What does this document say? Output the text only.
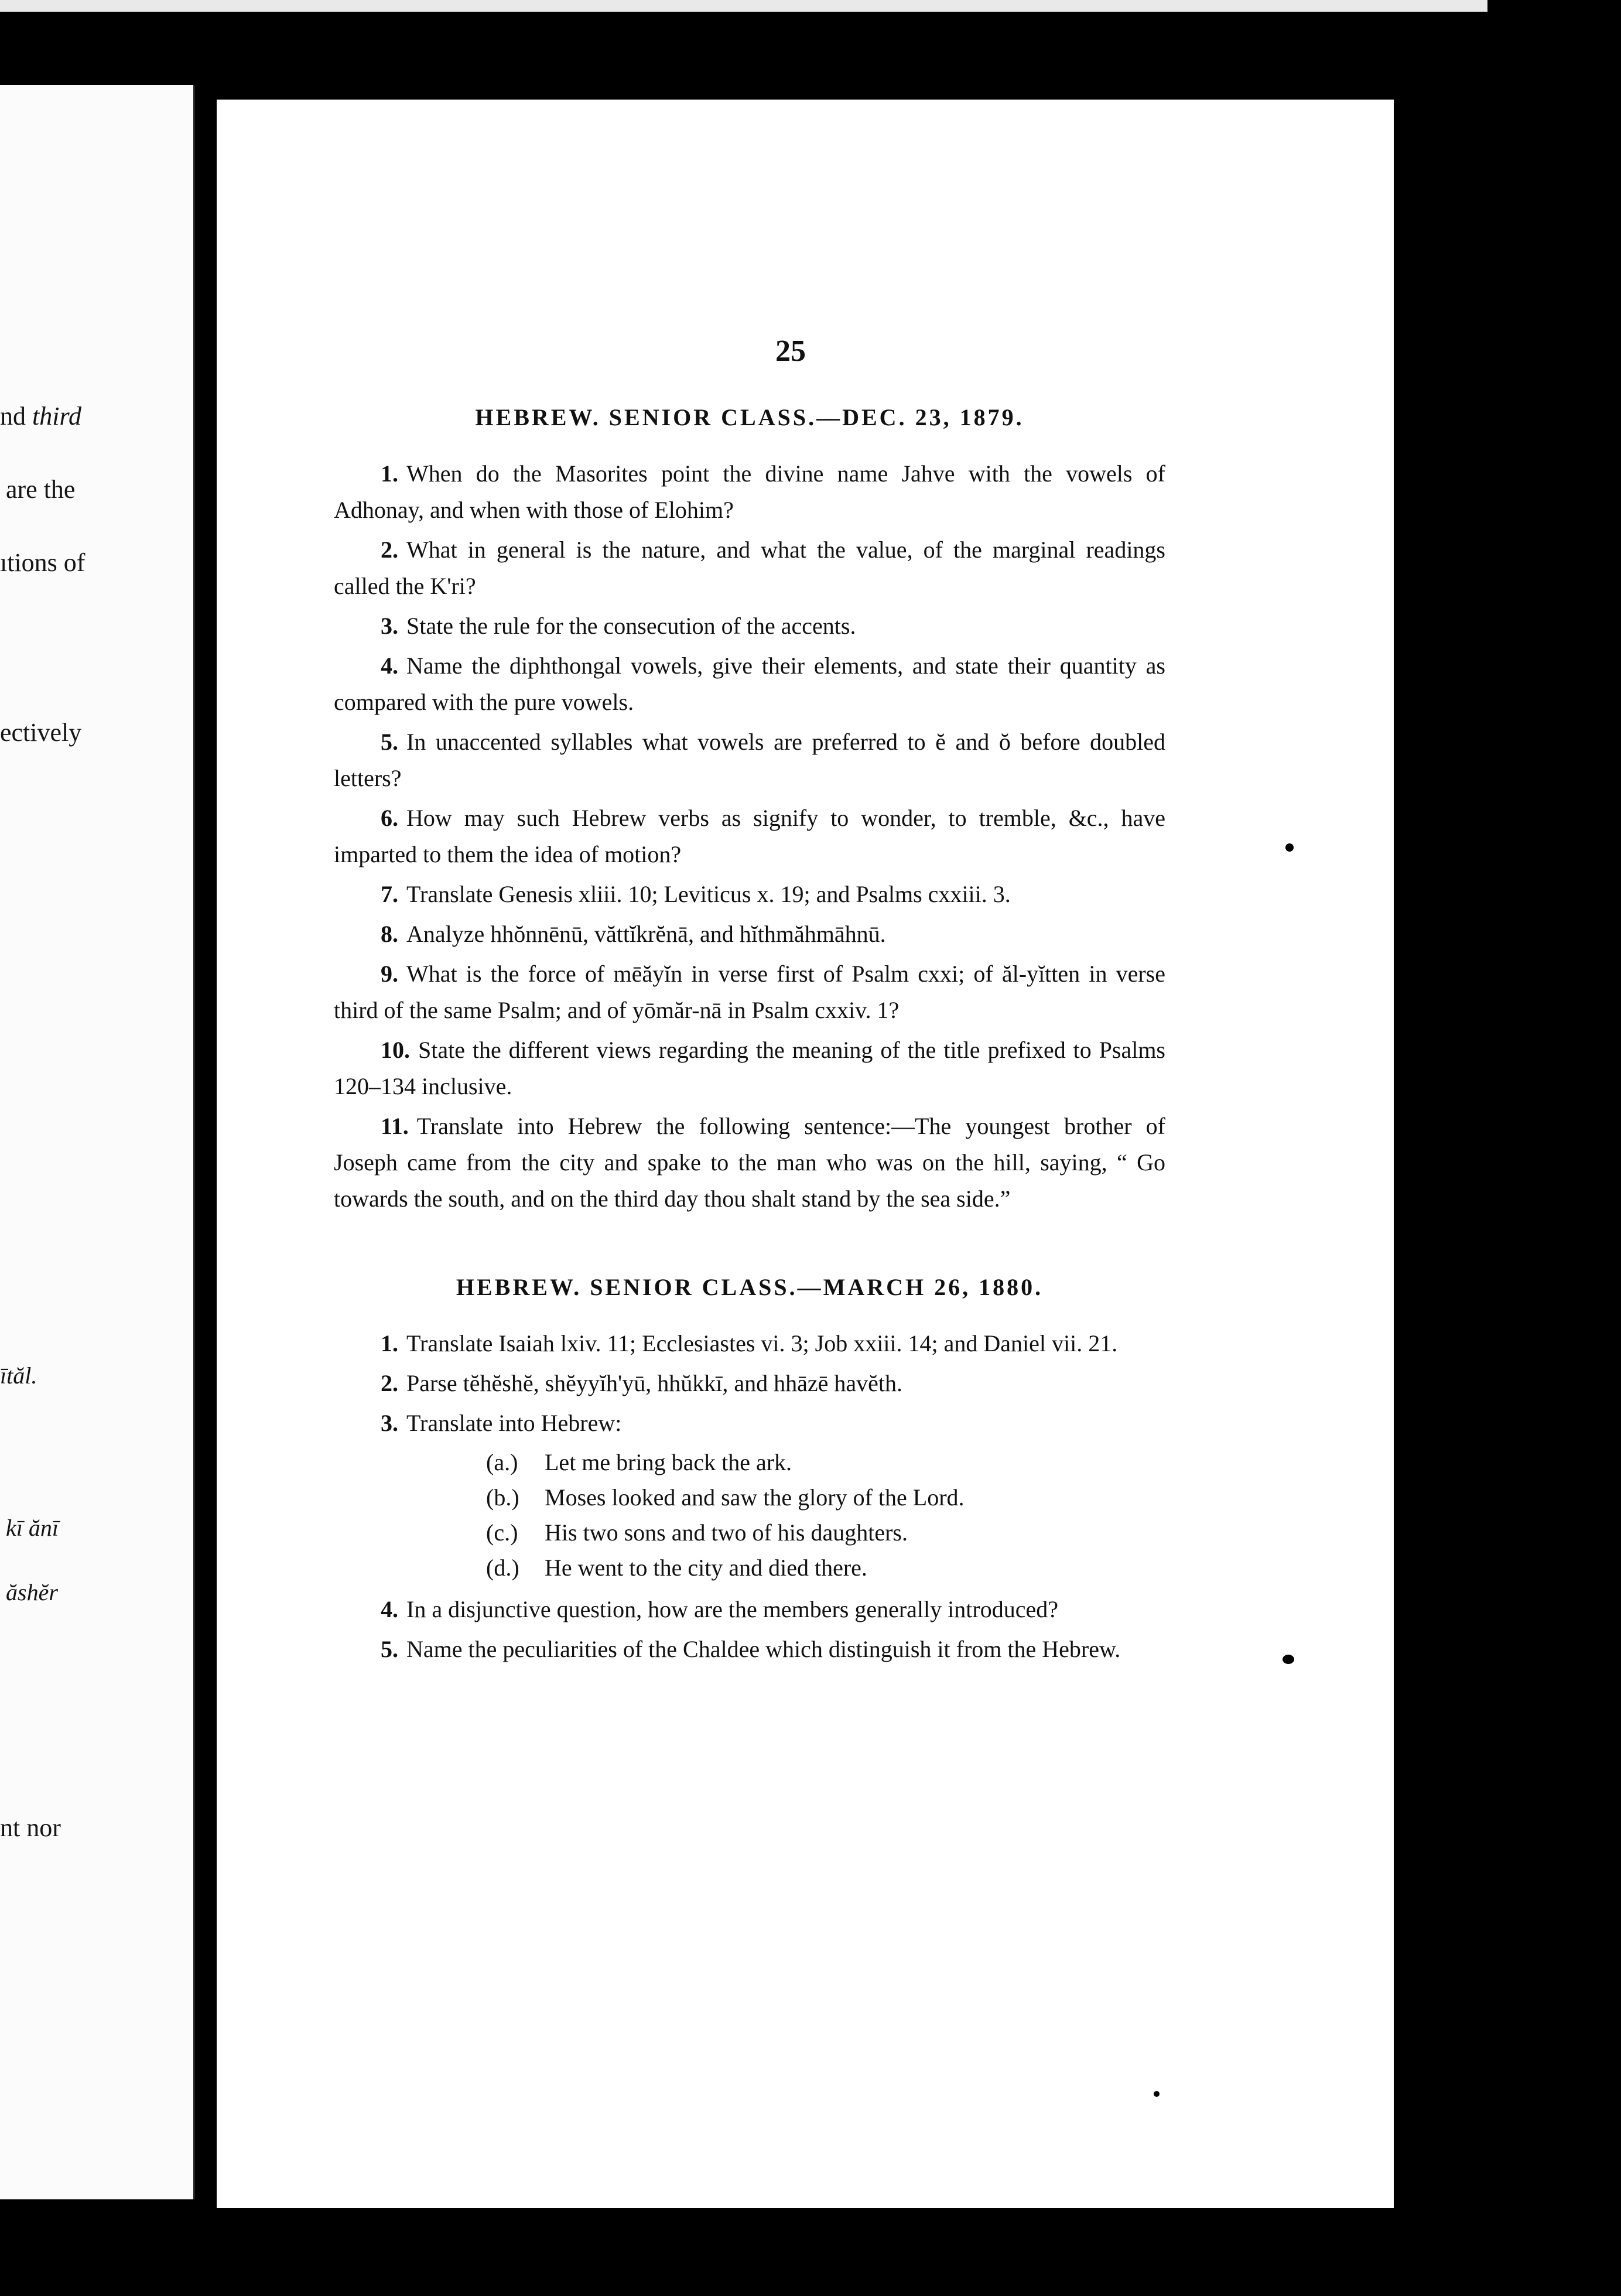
nd third
are the
ıtions of
ectively
ītăl.
kī ănī
ăshĕr
nt nor
25
HEBREW. SENIOR CLASS.—DEC. 23, 1879.

1. When do the Masorites point the divine name Jahve with the vowels of Adhonay, and when with those of Elohim?

2. What in general is the nature, and what the value, of the marginal readings called the K'ri?

3. State the rule for the consecution of the accents.

4. Name the diphthongal vowels, give their elements, and state their quantity as compared with the pure vowels.

5. In unaccented syllables what vowels are preferred to ĕ and ŏ before doubled letters?

6. How may such Hebrew verbs as signify to wonder, to tremble, &c., have imparted to them the idea of motion?

7. Translate Genesis xliii. 10; Leviticus x. 19; and Psalms cxxiii. 3.

8. Analyze hhŏnnēnū, văttĭkrĕnā, and hĭthmăhmāhnū.

9. What is the force of mēăyĭn in verse first of Psalm cxxi; of ăl-yĭtten in verse third of the same Psalm; and of yōmăr-nā in Psalm cxxiv. 1?

10. State the different views regarding the meaning of the title prefixed to Psalms 120–134 inclusive.

11. Translate into Hebrew the following sentence:—The youngest brother of Joseph came from the city and spake to the man who was on the hill, saying, “ Go towards the south, and on the third day thou shalt stand by the sea side.”

HEBREW. SENIOR CLASS.—MARCH 26, 1880.

1. Translate Isaiah lxiv. 11; Ecclesiastes vi. 3; Job xxiii. 14; and Daniel vii. 21.

2. Parse tĕhĕshĕ, shĕyyĭh'yū, hhŭkkī, and hhāzē havĕth.

3. Translate into Hebrew:

(a.) Let me bring back the ark.
(b.) Moses looked and saw the glory of the Lord.
(c.) His two sons and two of his daughters.
(d.) He went to the city and died there.

4. In a disjunctive question, how are the members generally introduced?

5. Name the peculiarities of the Chaldee which distinguish it from the Hebrew.
